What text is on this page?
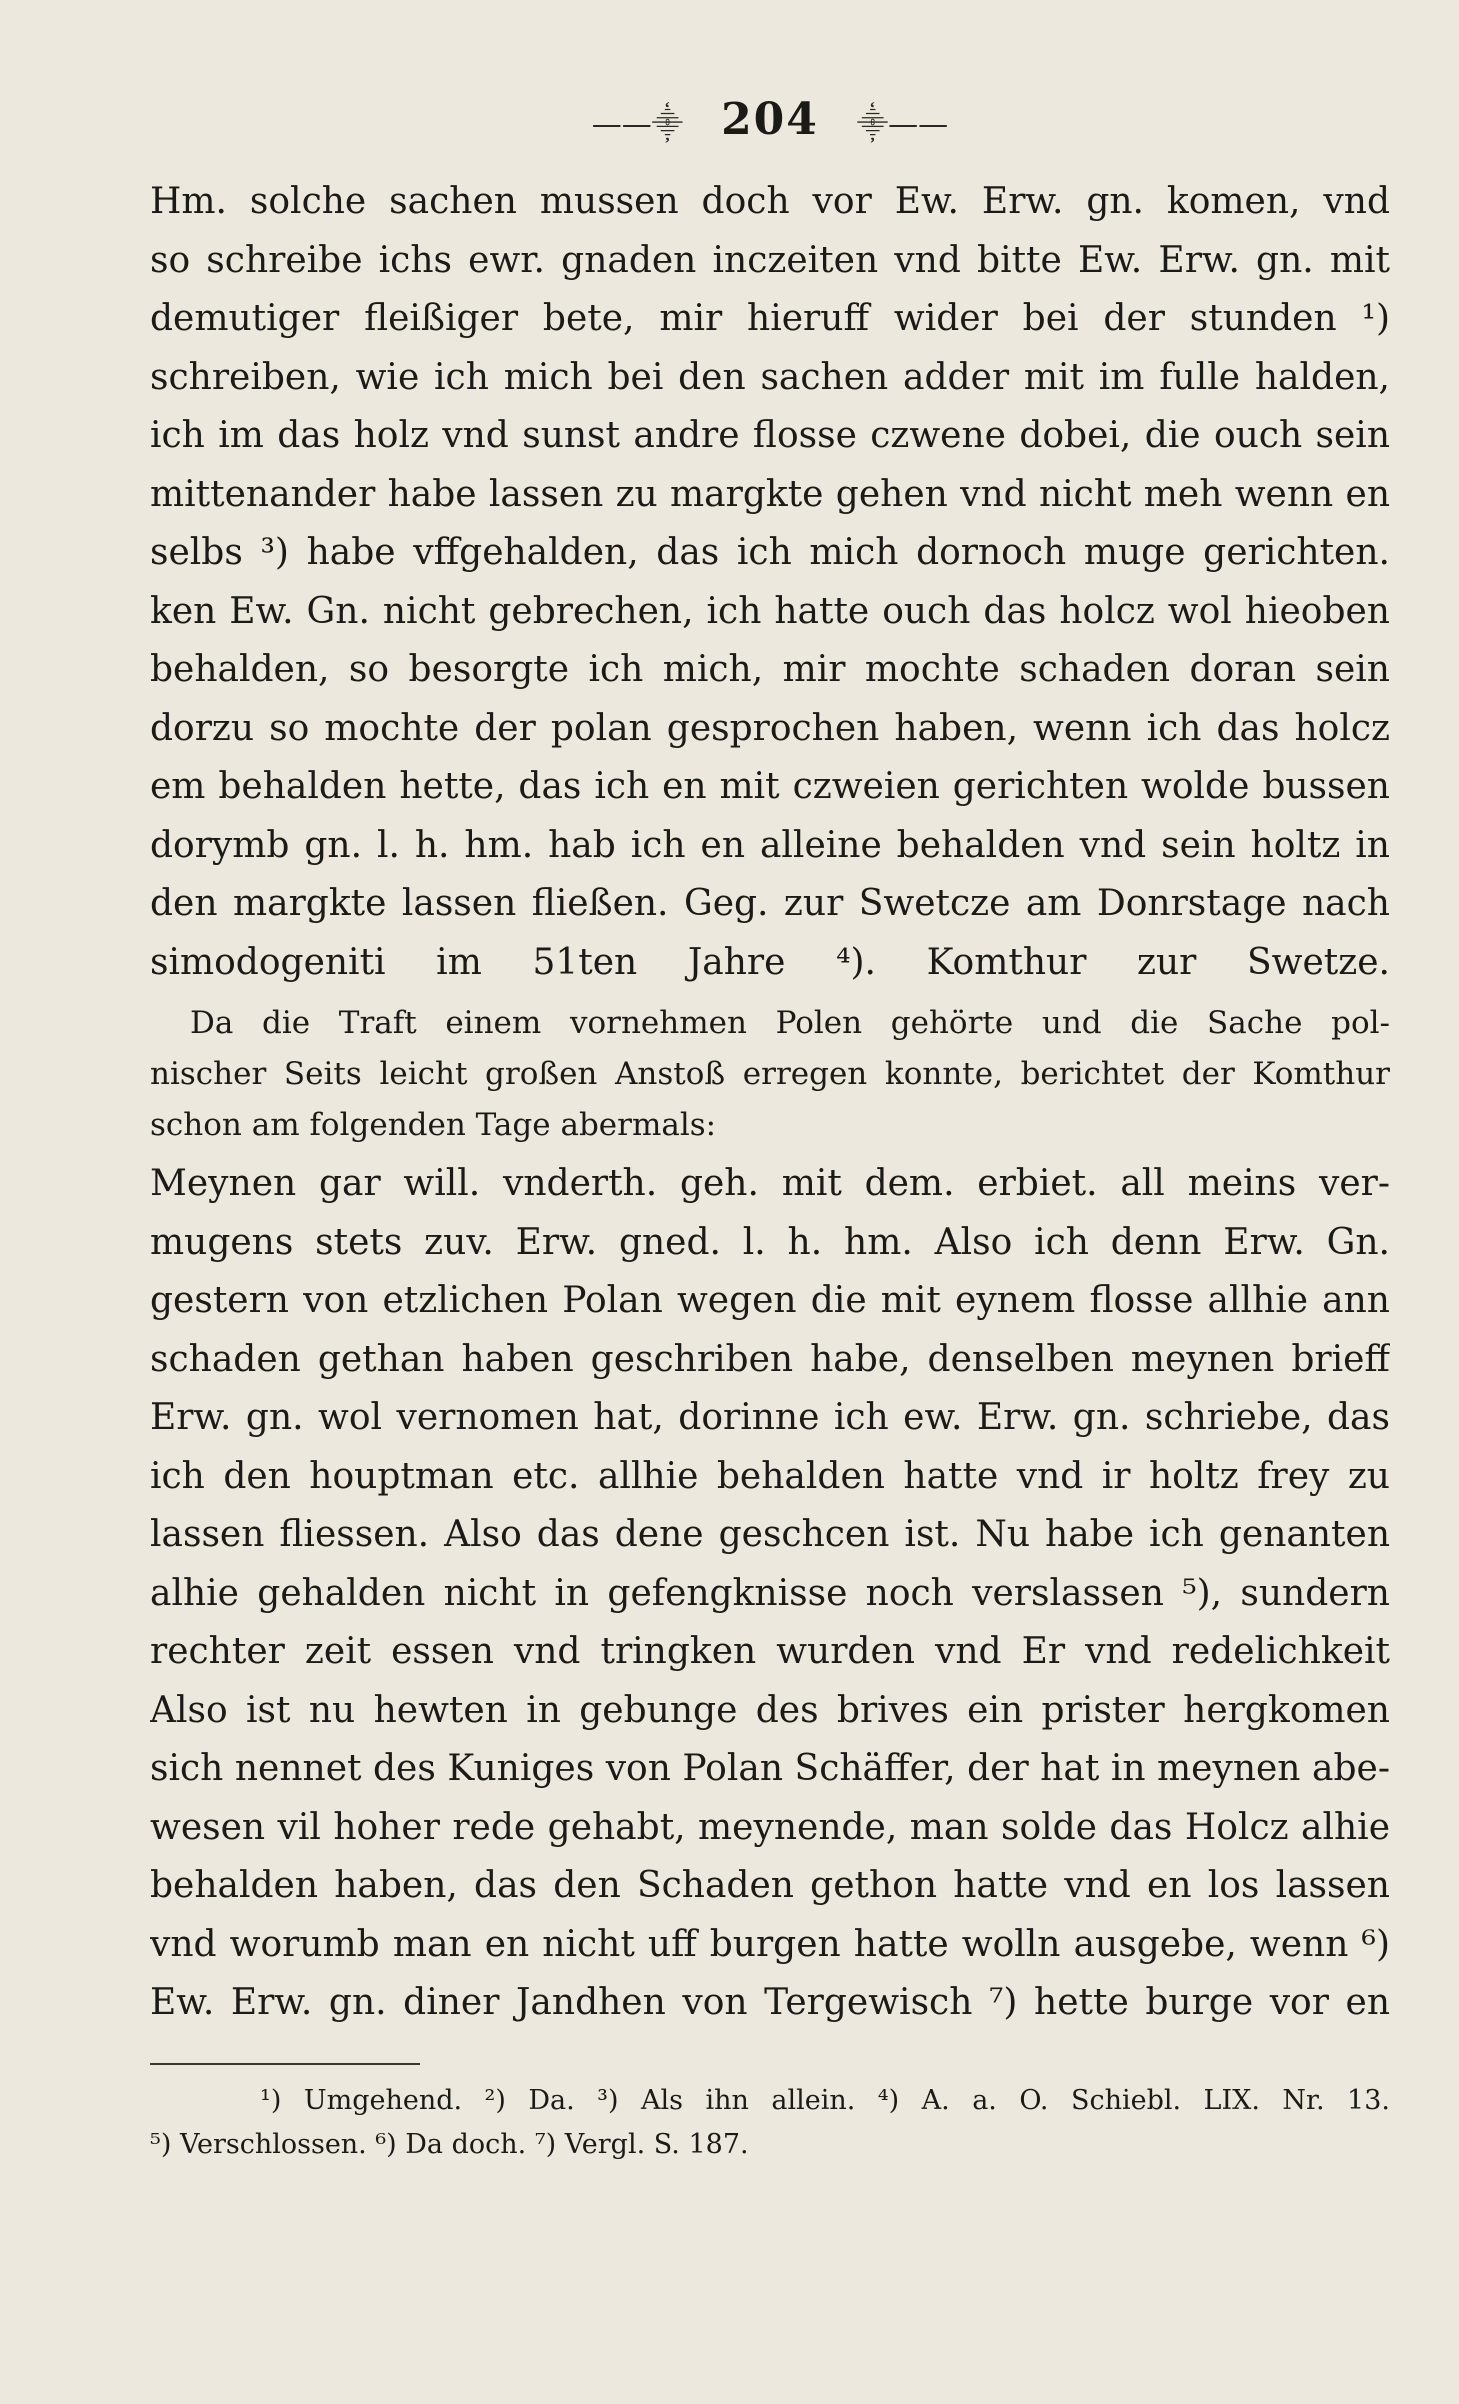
——⸎ 204 ⸎——
Hm. solche sachen mussen doch vor Ew. Erw. gn. komen, vnd
so schreibe ichs ewr. gnaden inczeiten vnd bitte Ew. Erw. gn. mit
demutiger fleißiger bete, mir hieruff wider bei der stunden ¹)
schreiben, wie ich mich bei den sachen adder mit im fulle halden,
ich im das holz vnd sunst andre flosse czwene dobei, die ouch sein
mittenander habe lassen zu margkte gehen vnd nicht meh wenn en
selbs ³) habe vffgehalden, das ich mich dornoch muge gerichten.
ken Ew. Gn. nicht gebrechen, ich hatte ouch das holcz wol hieoben
behalden, so besorgte ich mich, mir mochte schaden doran sein
dorzu so mochte der polan gesprochen haben, wenn ich das holcz
em behalden hette, das ich en mit czweien gerichten wolde bussen
dorymb gn. l. h. hm. hab ich en alleine behalden vnd sein holtz in
den margkte lassen fließen. Geg. zur Swetcze am Donrstage nach
simodogeniti im 51ten Jahre ⁴). Komthur zur Swetze.
Da die Traft einem vornehmen Polen gehörte und die Sache pol-
nischer Seits leicht großen Anstoß erregen konnte, berichtet der Komthur
schon am folgenden Tage abermals:
Meynen gar will. vnderth. geh. mit dem. erbiet. all meins ver-
mugens stets zuv. Erw. gned. l. h. hm. Also ich denn Erw. Gn.
gestern von etzlichen Polan wegen die mit eynem flosse allhie ann
schaden gethan haben geschriben habe, denselben meynen brieff
Erw. gn. wol vernomen hat, dorinne ich ew. Erw. gn. schriebe, das
ich den houptman etc. allhie behalden hatte vnd ir holtz frey zu
lassen fliessen. Also das dene geschcen ist. Nu habe ich genanten
alhie gehalden nicht in gefengknisse noch verslassen ⁵), sundern
rechter zeit essen vnd tringken wurden vnd Er vnd redelichkeit
Also ist nu hewten in gebunge des brives ein prister hergkomen
sich nennet des Kuniges von Polan Schäffer, der hat in meynen abe-
wesen vil hoher rede gehabt, meynende, man solde das Holcz alhie
behalden haben, das den Schaden gethon hatte vnd en los lassen
vnd worumb man en nicht uff burgen hatte wolln ausgebe, wenn ⁶)
Ew. Erw. gn. diner Jandhen von Tergewisch ⁷) hette burge vor en
¹) Umgehend. ²) Da. ³) Als ihn allein. ⁴) A. a. O. Schiebl. LIX. Nr. 13.
⁵) Verschlossen. ⁶) Da doch. ⁷) Vergl. S. 187.
